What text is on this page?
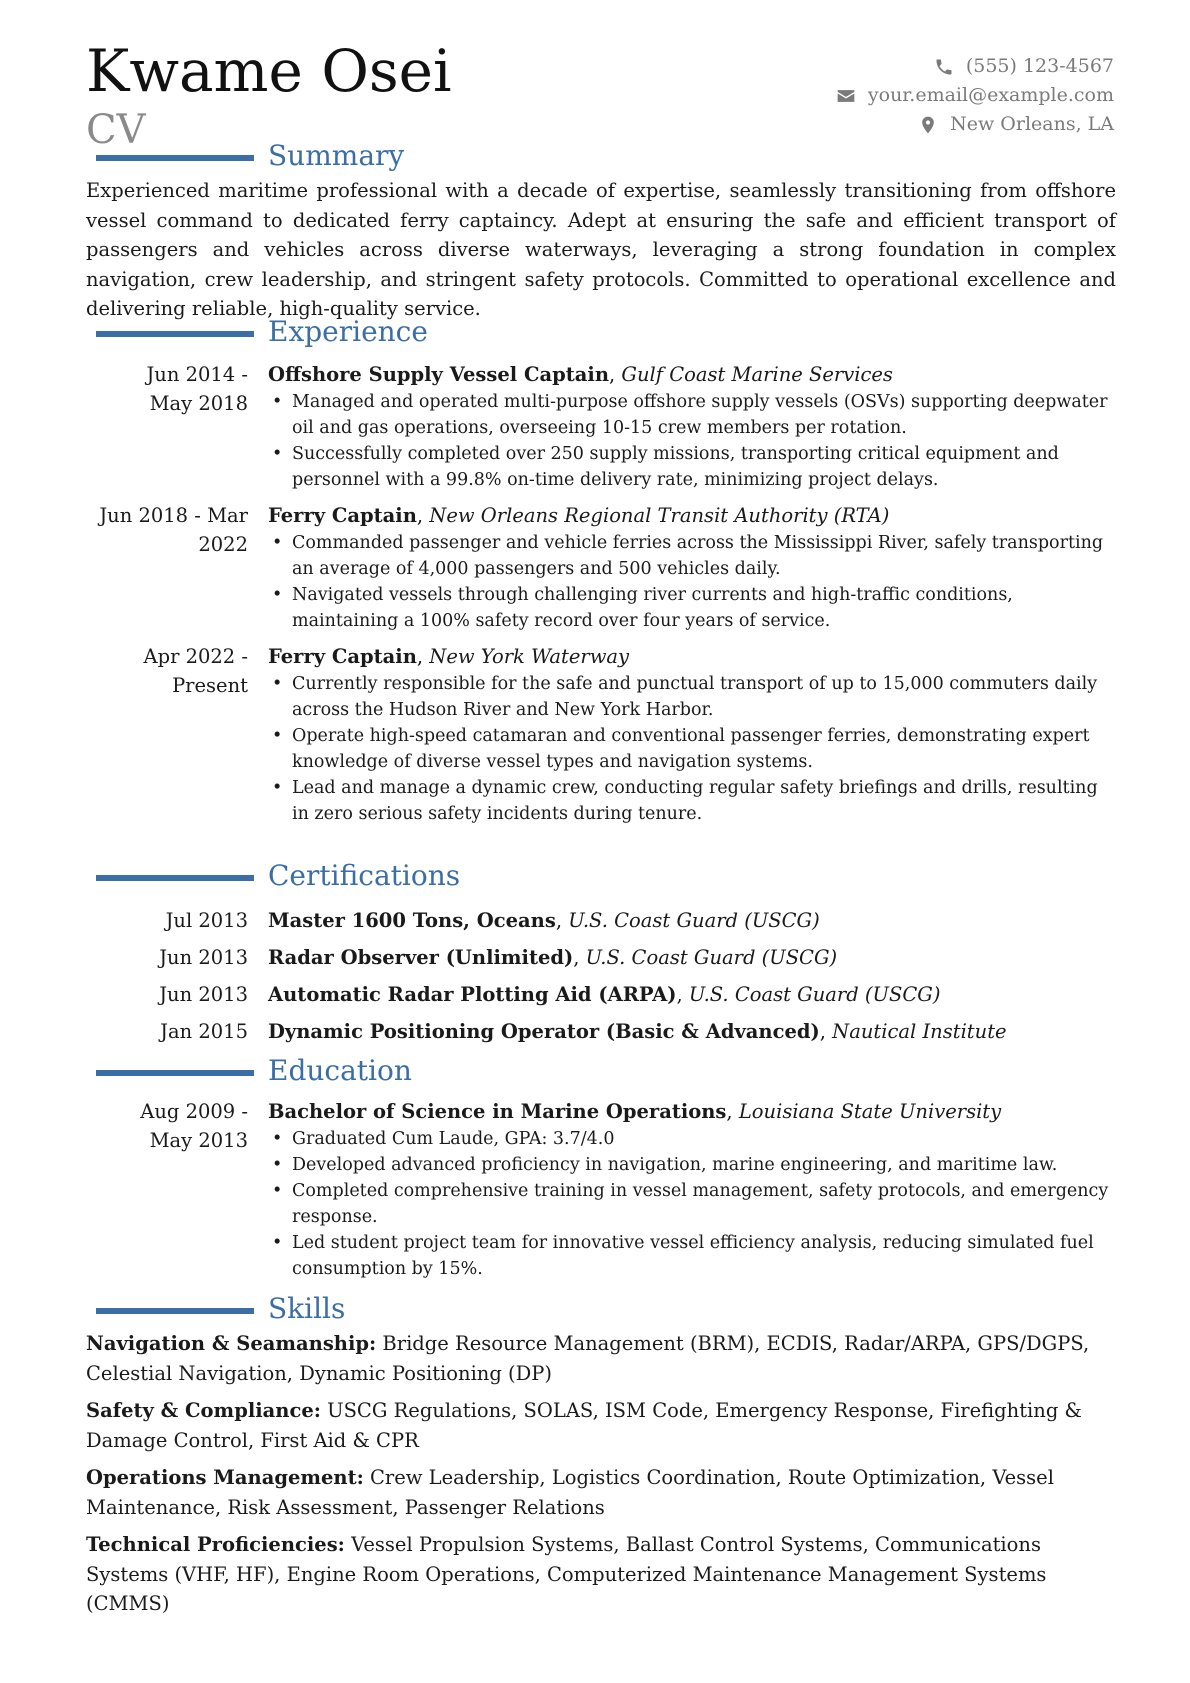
Kwame Osei
CV
(555) 123-4567
your.email@example.com
New Orleans, LA
Summary
Experienced maritime professional with a decade of expertise, seamlessly transitioning from offshore vessel command to dedicated ferry captaincy. Adept at ensuring the safe and efficient transport of passengers and vehicles across diverse waterways, leveraging a strong foundation in complex navigation, crew leadership, and stringent safety protocols. Committed to operational excellence and delivering reliable, high-quality service.
Experience
Jun 2014 -
May 2018
Offshore Supply Vessel Captain, Gulf Coast Marine Services
• Managed and operated multi-purpose offshore supply vessels (OSVs) supporting deepwater oil and gas operations, overseeing 10-15 crew members per rotation.
• Successfully completed over 250 supply missions, transporting critical equipment and personnel with a 99.8% on-time delivery rate, minimizing project delays.
Jun 2018 - Mar
2022
Ferry Captain, New Orleans Regional Transit Authority (RTA)
• Commanded passenger and vehicle ferries across the Mississippi River, safely transporting an average of 4,000 passengers and 500 vehicles daily.
• Navigated vessels through challenging river currents and high-traffic conditions, maintaining a 100% safety record over four years of service.
Apr 2022 -
Present
Ferry Captain, New York Waterway
• Currently responsible for the safe and punctual transport of up to 15,000 commuters daily across the Hudson River and New York Harbor.
• Operate high-speed catamaran and conventional passenger ferries, demonstrating expert knowledge of diverse vessel types and navigation systems.
• Lead and manage a dynamic crew, conducting regular safety briefings and drills, resulting in zero serious safety incidents during tenure.
Certifications
Jul 2013 Master 1600 Tons, Oceans, U.S. Coast Guard (USCG)
Jun 2013 Radar Observer (Unlimited), U.S. Coast Guard (USCG)
Jun 2013 Automatic Radar Plotting Aid (ARPA), U.S. Coast Guard (USCG)
Jan 2015 Dynamic Positioning Operator (Basic & Advanced), Nautical Institute
Education
Aug 2009 -
May 2013
Bachelor of Science in Marine Operations, Louisiana State University
• Graduated Cum Laude, GPA: 3.7/4.0
• Developed advanced proficiency in navigation, marine engineering, and maritime law.
• Completed comprehensive training in vessel management, safety protocols, and emergency response.
• Led student project team for innovative vessel efficiency analysis, reducing simulated fuel consumption by 15%.
Skills
Navigation & Seamanship: Bridge Resource Management (BRM), ECDIS, Radar/ARPA, GPS/DGPS, Celestial Navigation, Dynamic Positioning (DP)
Safety & Compliance: USCG Regulations, SOLAS, ISM Code, Emergency Response, Firefighting & Damage Control, First Aid & CPR
Operations Management: Crew Leadership, Logistics Coordination, Route Optimization, Vessel Maintenance, Risk Assessment, Passenger Relations
Technical Proficiencies: Vessel Propulsion Systems, Ballast Control Systems, Communications Systems (VHF, HF), Engine Room Operations, Computerized Maintenance Management Systems (CMMS)
